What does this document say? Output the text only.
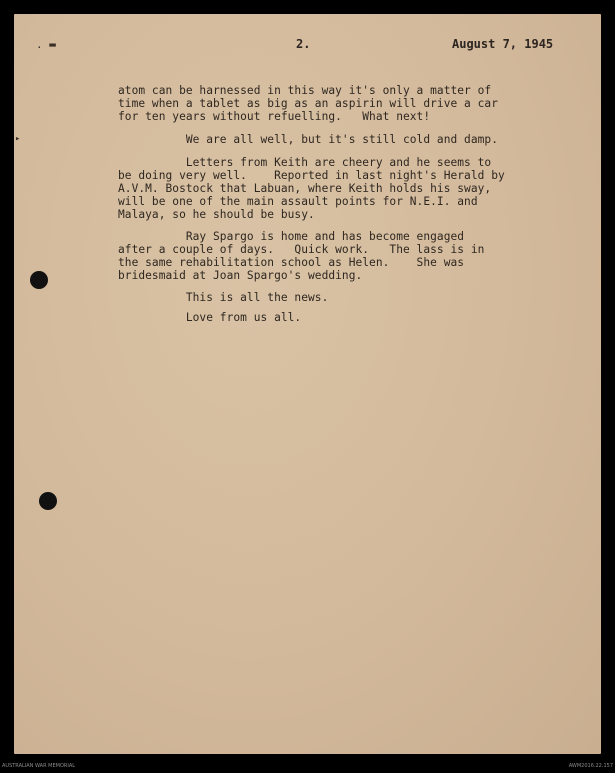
. ▬
▸
2.	August 7, 1945
atom can be harnessed in this way it's only a matter of
time when a tablet as big as an aspirin will drive a car
for ten years without refuelling.   What next!
We are all well, but it's still cold and damp.
Letters from Keith are cheery and he seems to
be doing very well.    Reported in last night's Herald by
A.V.M. Bostock that Labuan, where Keith holds his sway,
will be one of the main assault points for N.E.I. and
Malaya, so he should be busy.
Ray Spargo is home and has become engaged
after a couple of days.   Quick work.   The lass is in
the same rehabilitation school as Helen.    She was
bridesmaid at Joan Spargo's wedding.
This is all the news.
Love from us all.
AUSTRALIAN WAR MEMORIAL	AWM2016.22.157
